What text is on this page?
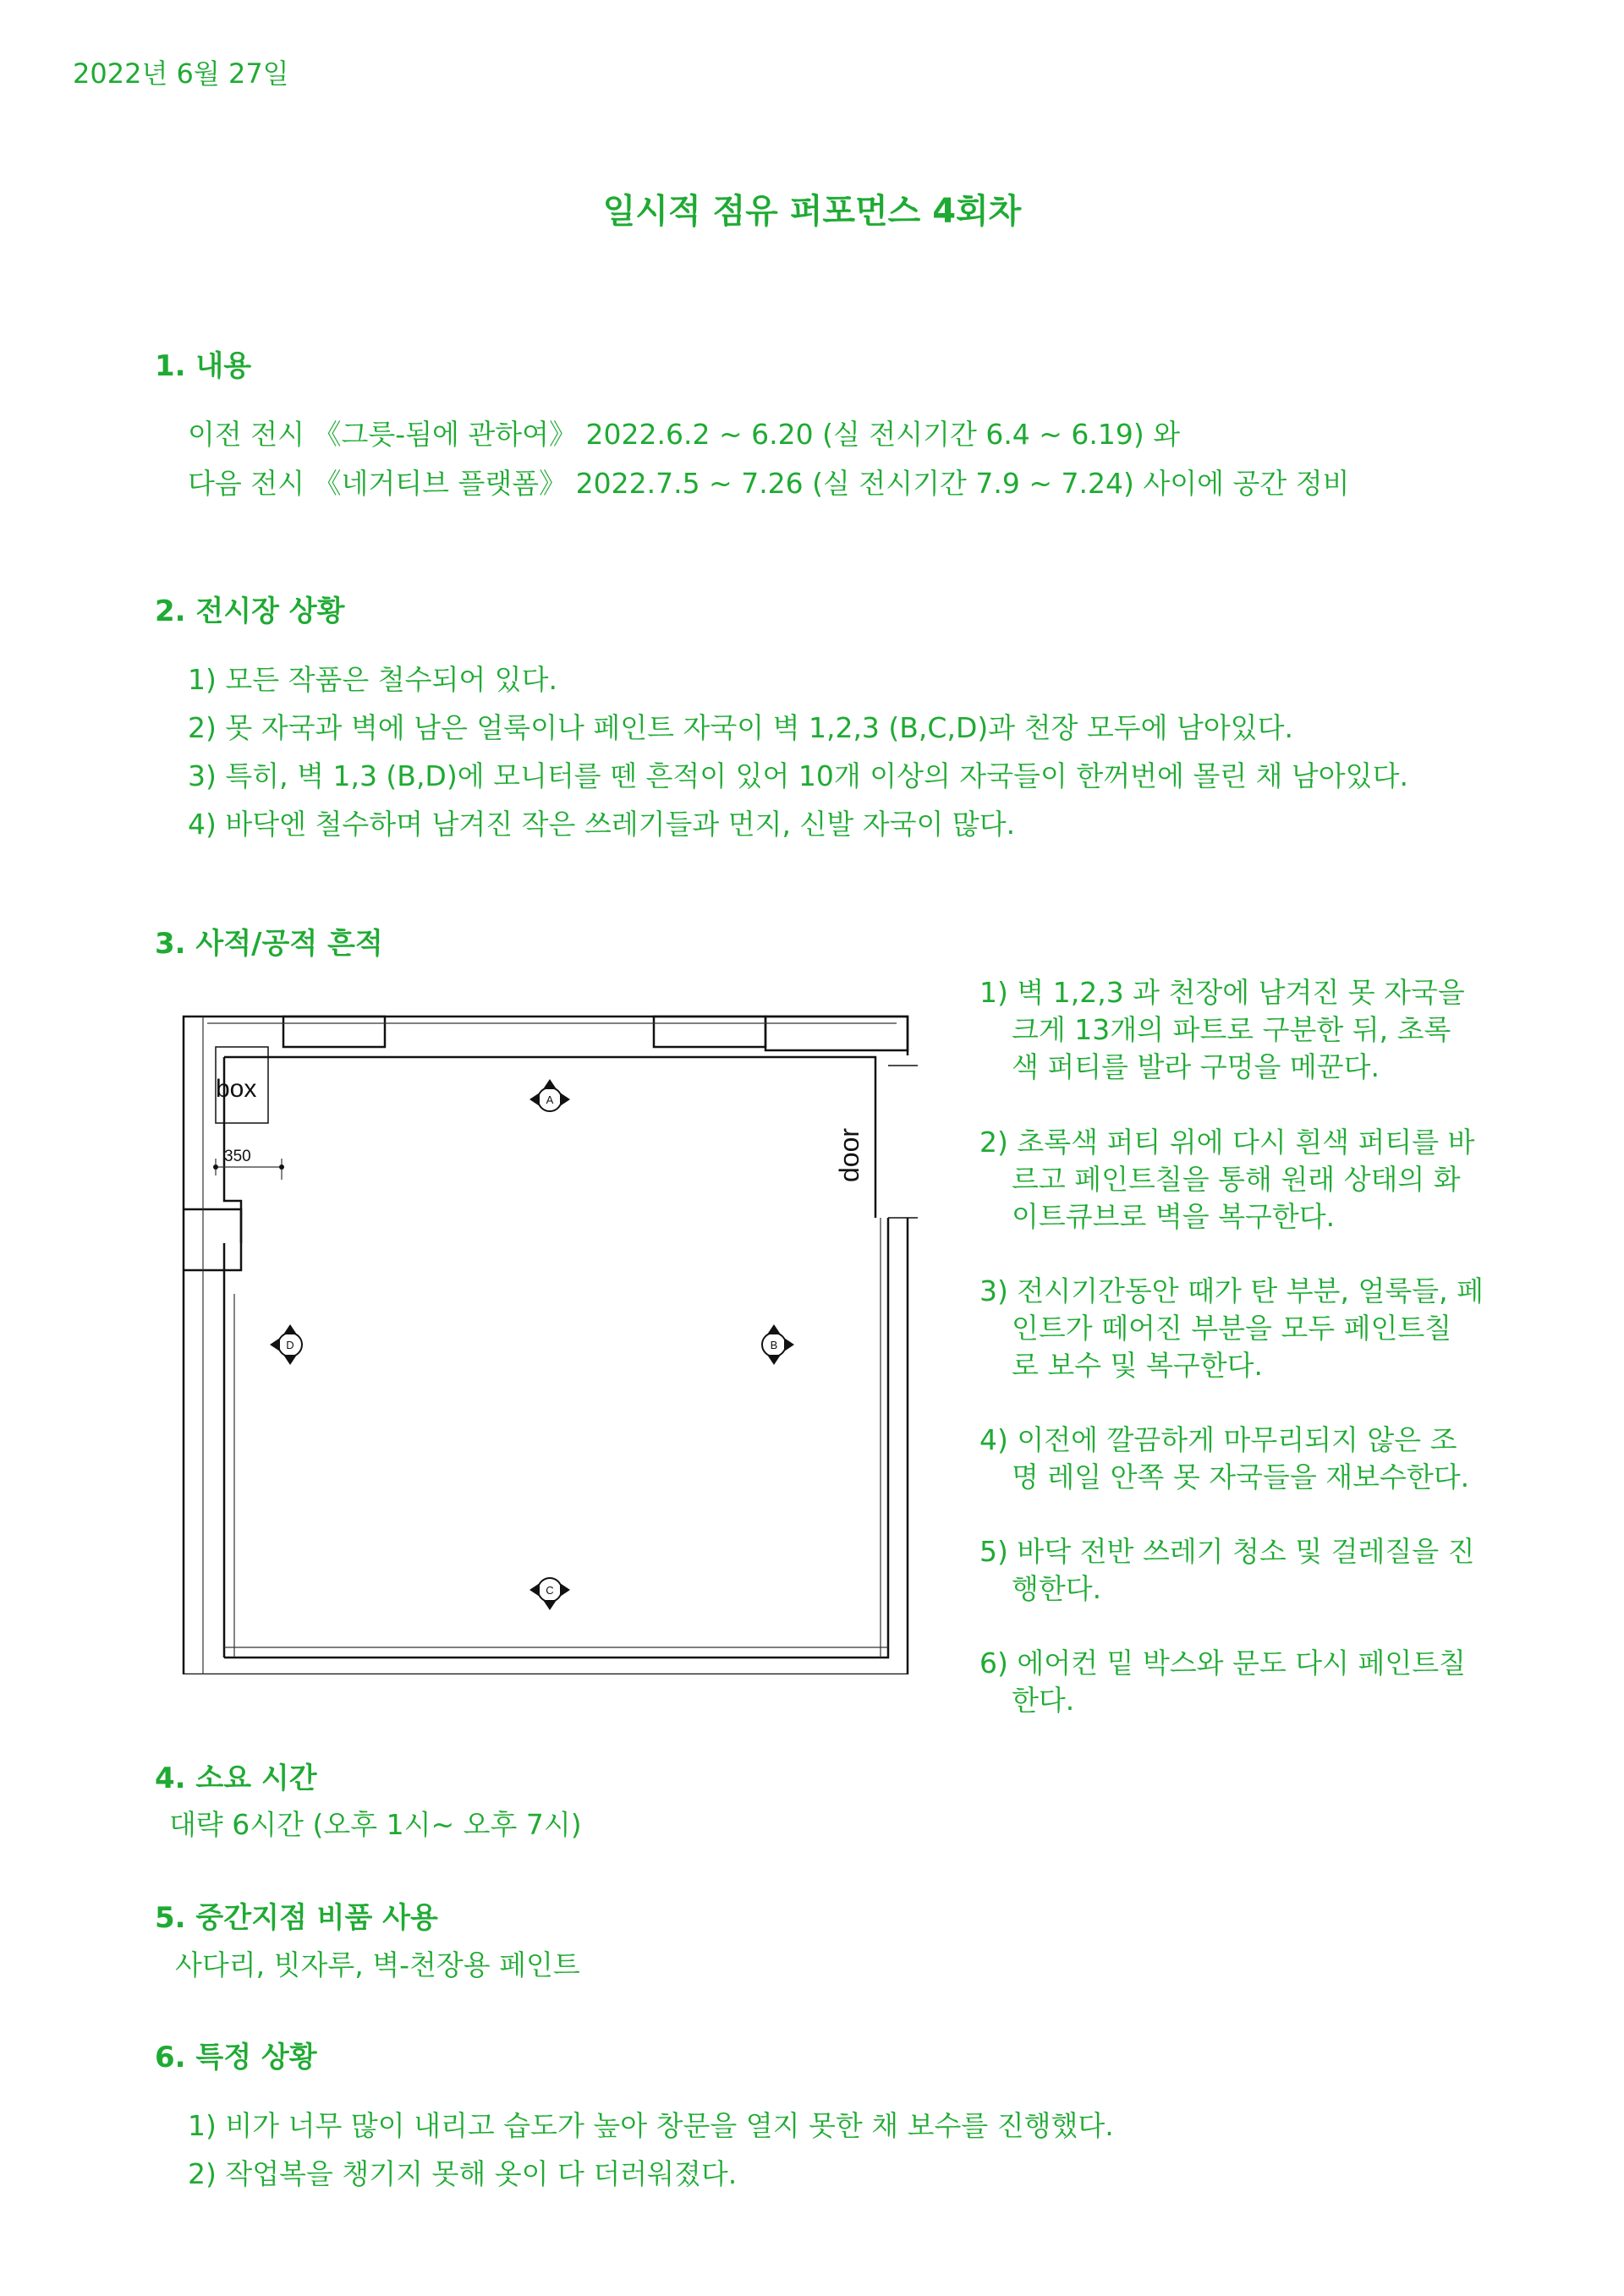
2022년 6월 27일
일시적 점유 퍼포먼스 4회차
1. 내용
이전 전시 《그릇-됨에 관하여》 2022.6.2 ~ 6.20 (실 전시기간 6.4 ~ 6.19) 와
다음 전시 《네거티브 플랫폼》 2022.7.5 ~ 7.26 (실 전시기간 7.9 ~ 7.24) 사이에 공간 정비
2. 전시장 상황
1) 모든 작품은 철수되어 있다.
2) 못 자국과 벽에 남은 얼룩이나 페인트 자국이 벽 1,2,3 (B,C,D)과 천장 모두에 남아있다.
3) 특히, 벽 1,3 (B,D)에 모니터를 뗀 흔적이 있어 10개 이상의 자국들이 한꺼번에 몰린 채 남아있다.
4) 바닥엔 철수하며 남겨진 작은 쓰레기들과 먼지, 신발 자국이 많다.
3. 사적/공적 흔적
A
B
C
D
box
350	door
1) 벽 1,2,3 과 천장에 남겨진 못 자국을
크게 13개의 파트로 구분한 뒤, 초록
색 퍼티를 발라 구멍을 메꾼다.
2) 초록색 퍼티 위에 다시 흰색 퍼티를 바
르고 페인트칠을 통해 원래 상태의 화
이트큐브로 벽을 복구한다.
3) 전시기간동안 때가 탄 부분, 얼룩들, 페
인트가 떼어진 부분을 모두 페인트칠
로 보수 및 복구한다.
4) 이전에 깔끔하게 마무리되지 않은 조
명 레일 안쪽 못 자국들을 재보수한다.
5) 바닥 전반 쓰레기 청소 및 걸레질을 진
행한다.
6) 에어컨 밑 박스와 문도 다시 페인트칠
한다.
4. 소요 시간
대략 6시간 (오후 1시~ 오후 7시)
5. 중간지점 비품 사용
사다리, 빗자루, 벽-천장용 페인트
6. 특정 상황
1) 비가 너무 많이 내리고 습도가 높아 창문을 열지 못한 채 보수를 진행했다.
2) 작업복을 챙기지 못해 옷이 다 더러워졌다.
